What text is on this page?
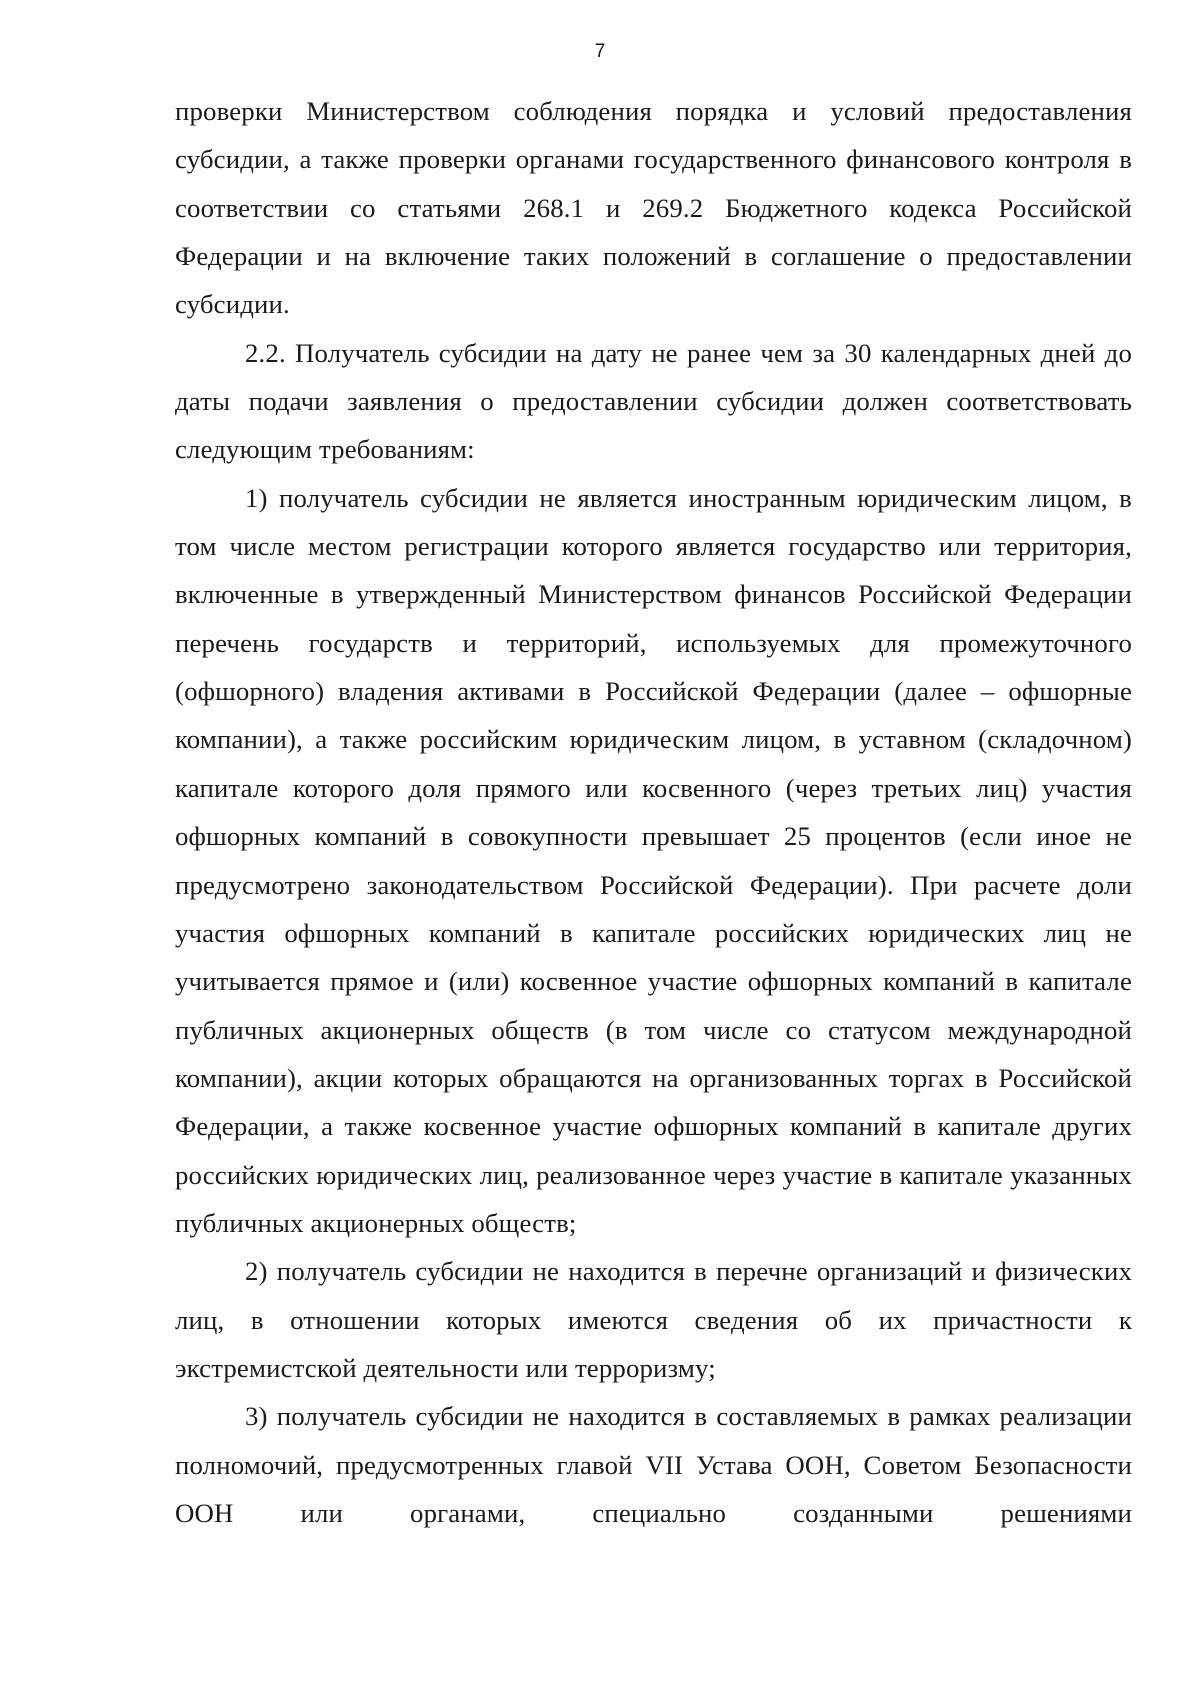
7

проверки Министерством соблюдения порядка и условий предоставления субсидии, а также проверки органами государственного финансового контроля в соответствии со статьями 268.1 и 269.2 Бюджетного кодекса Российской Федерации и на включение таких положений в соглашение о предоставлении субсидии.

2.2. Получатель субсидии на дату не ранее чем за 30 календарных дней до даты подачи заявления о предоставлении субсидии должен соответствовать следующим требованиям:

1) получатель субсидии не является иностранным юридическим лицом, в том числе местом регистрации которого является государство или территория, включенные в утвержденный Министерством финансов Российской Федерации перечень государств и территорий, используемых для промежуточного (офшорного) владения активами в Российской Федерации (далее – офшорные компании), а также российским юридическим лицом, в уставном (складочном) капитале которого доля прямого или косвенного (через третьих лиц) участия офшорных компаний в совокупности превышает 25 процентов (если иное не предусмотрено законодательством Российской Федерации). При расчете доли участия офшорных компаний в капитале российских юридических лиц не учитывается прямое и (или) косвенное участие офшорных компаний в капитале публичных акционерных обществ (в том числе со статусом международной компании), акции которых обращаются на организованных торгах в Российской Федерации, а также косвенное участие офшорных компаний в капитале других российских юридических лиц, реализованное через участие в капитале указанных публичных акционерных обществ;

2) получатель субсидии не находится в перечне организаций и физических лиц, в отношении которых имеются сведения об их причастности к экстремистской деятельности или терроризму;

3) получатель субсидии не находится в составляемых в рамках реализации полномочий, предусмотренных главой VII Устава ООН, Советом Безопасности ООН или органами, специально созданными решениями
